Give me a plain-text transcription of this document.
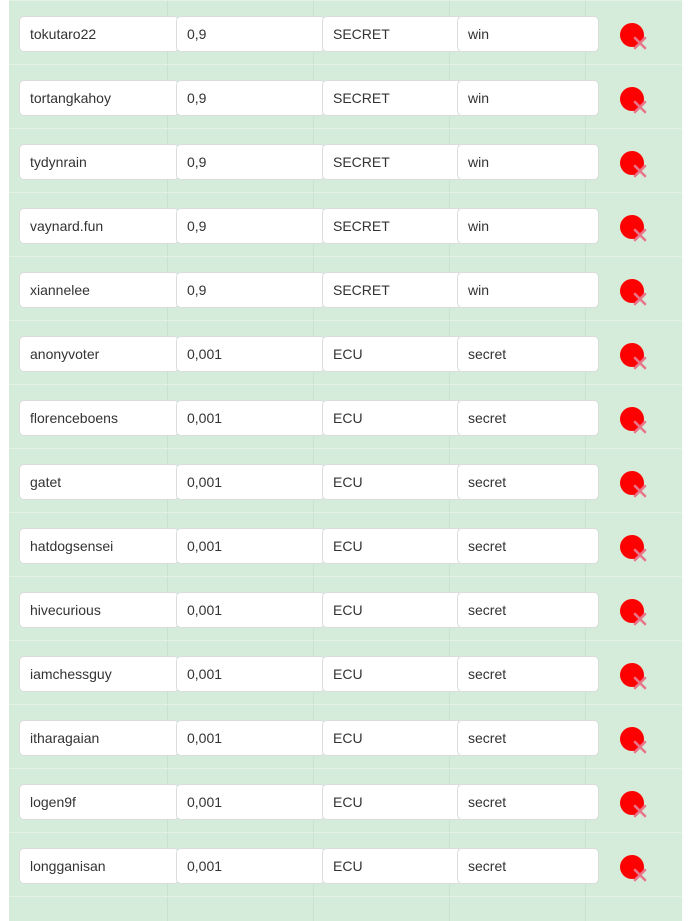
tokutaro22	0,9	SECRET	win
tortangkahoy	0,9	SECRET	win
tydynrain	0,9	SECRET	win
vaynard.fun	0,9	SECRET	win
xiannelee	0,9	SECRET	win
anonyvoter	0,001	ECU	secret
florenceboens	0,001	ECU	secret
gatet	0,001	ECU	secret
hatdogsensei	0,001	ECU	secret
hivecurious	0,001	ECU	secret
iamchessguy	0,001	ECU	secret
itharagaian	0,001	ECU	secret
logen9f	0,001	ECU	secret
longganisan	0,001	ECU	secret
